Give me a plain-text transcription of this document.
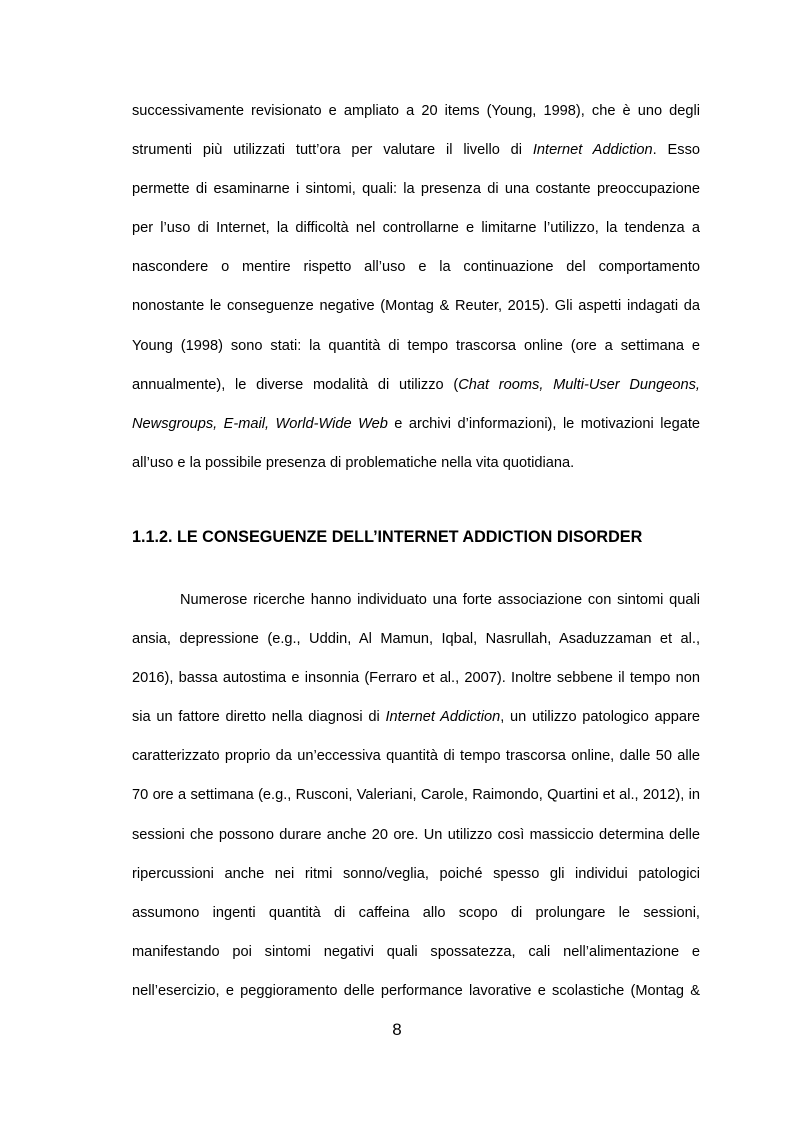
successivamente revisionato e ampliato a 20 items (Young, 1998), che è uno degli
strumenti più utilizzati tutt’ora per valutare il livello di Internet Addiction. Esso
permette di esaminarne i sintomi, quali: la presenza di una costante preoccupazione
per l’uso di Internet, la difficoltà nel controllarne e limitarne l’utilizzo, la tendenza a
nascondere o mentire rispetto all’uso e la continuazione del comportamento
nonostante le conseguenze negative (Montag & Reuter, 2015). Gli aspetti indagati da
Young (1998) sono stati: la quantità di tempo trascorsa online (ore a settimana e
annualmente), le diverse modalità di utilizzo (Chat rooms, Multi-User Dungeons,
Newsgroups, E-mail, World-Wide Web e archivi d’informazioni), le motivazioni legate
all’uso e la possibile presenza di problematiche nella vita quotidiana.

1.1.2. LE CONSEGUENZE DELL’INTERNET ADDICTION DISORDER

Numerose ricerche hanno individuato una forte associazione con sintomi quali
ansia, depressione (e.g., Uddin, Al Mamun, Iqbal, Nasrullah, Asaduzzaman et al.,
2016), bassa autostima e insonnia (Ferraro et al., 2007). Inoltre sebbene il tempo non
sia un fattore diretto nella diagnosi di Internet Addiction, un utilizzo patologico appare
caratterizzato proprio da un’eccessiva quantità di tempo trascorsa online, dalle 50 alle
70 ore a settimana (e.g., Rusconi, Valeriani, Carole, Raimondo, Quartini et al., 2012), in
sessioni che possono durare anche 20 ore. Un utilizzo così massiccio determina delle
ripercussioni anche nei ritmi sonno/veglia, poiché spesso gli individui patologici
assumono ingenti quantità di caffeina allo scopo di prolungare le sessioni,
manifestando poi sintomi negativi quali spossatezza, cali nell’alimentazione e
nell’esercizio, e peggioramento delle performance lavorative e scolastiche (Montag &

8
